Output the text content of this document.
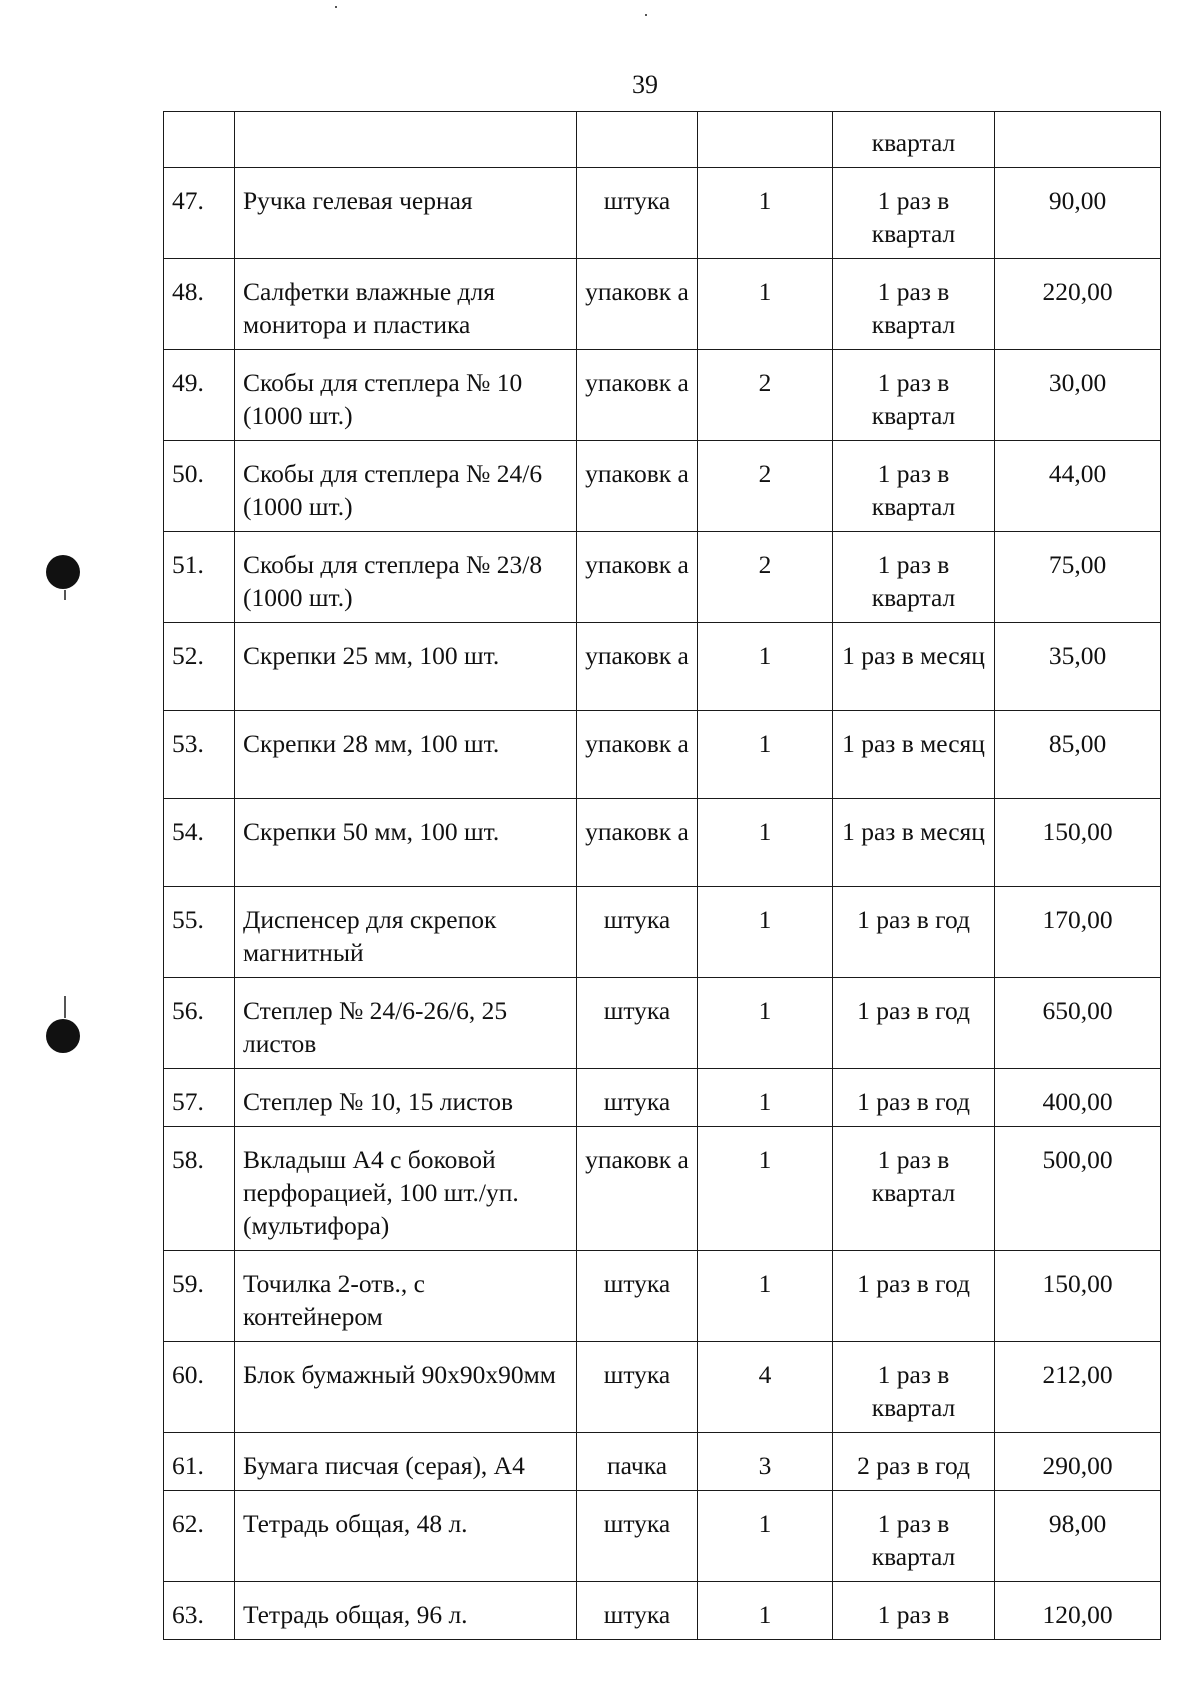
39
				квартал	
47.	Ручка гелевая черная	штука	1	1 раз в квартал	90,00
48.	Салфетки влажные для монитора и пластика	упаковк а	1	1 раз в квартал	220,00
49.	Скобы для степлера № 10 (1000 шт.)	упаковк а	2	1 раз в квартал	30,00
50.	Скобы для степлера № 24/6 (1000 шт.)	упаковк а	2	1 раз в квартал	44,00
51.	Скобы для степлера № 23/8 (1000 шт.)	упаковк а	2	1 раз в квартал	75,00
52.	Скрепки 25 мм, 100 шт.	упаковк а	1	1 раз в месяц	35,00
53.	Скрепки 28 мм, 100 шт.	упаковк а	1	1 раз в месяц	85,00
54.	Скрепки 50 мм, 100 шт.	упаковк а	1	1 раз в месяц	150,00
55.	Диспенсер для скрепок магнитный	штука	1	1 раз в год	170,00
56.	Степлер № 24/6-26/6, 25 листов	штука	1	1 раз в год	650,00
57.	Степлер № 10, 15 листов	штука	1	1 раз в год	400,00
58.	Вкладыш А4 с боковой перфорацией, 100 шт./уп. (мультифора)	упаковк а	1	1 раз в квартал	500,00
59.	Точилка 2-отв., с контейнером	штука	1	1 раз в год	150,00
60.	Блок бумажный 90x90x90мм	штука	4	1 раз в квартал	212,00
61.	Бумага писчая (серая), А4	пачка	3	2 раз в год	290,00
62.	Тетрадь общая, 48 л.	штука	1	1 раз в квартал	98,00
63.	Тетрадь общая, 96 л.	штука	1	1 раз в	120,00
